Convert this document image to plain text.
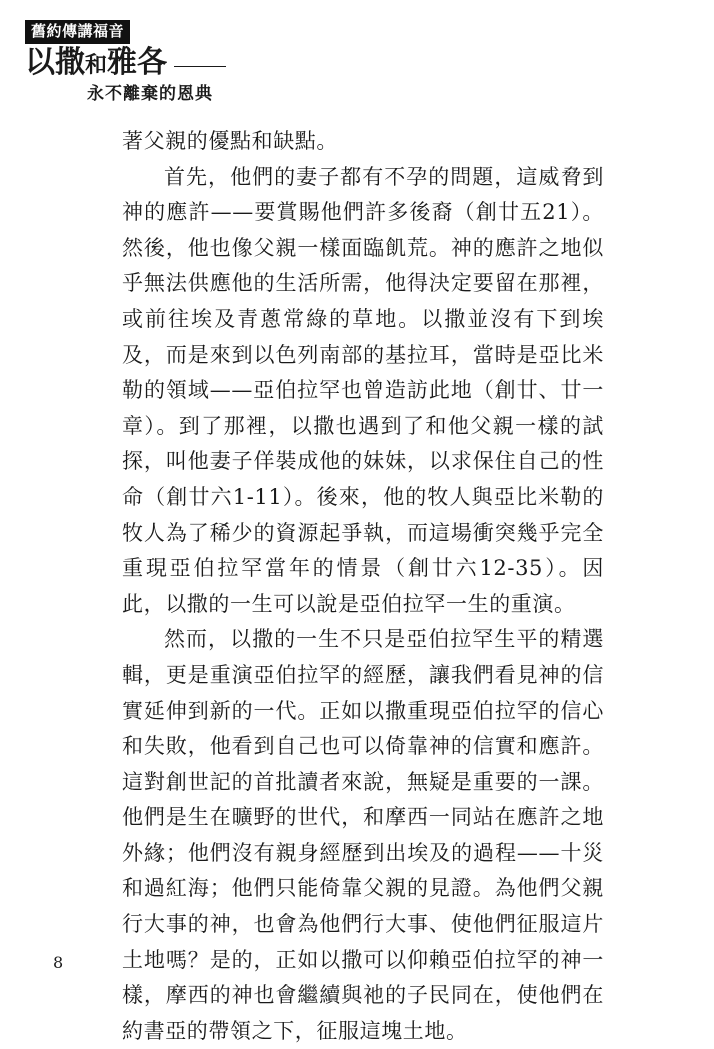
舊約傳講福音
以撒和雅各
永不離棄的恩典

著父親的優點和缺點。

首先，他們的妻子都有不孕的問題，這威脅到神的應許——要賞賜他們許多後裔（創廿五21）。然後，他也像父親一樣面臨飢荒。神的應許之地似乎無法供應他的生活所需，他得決定要留在那裡，或前往埃及青蔥常綠的草地。以撒並沒有下到埃及，而是來到以色列南部的基拉耳，當時是亞比米勒的領域——亞伯拉罕也曾造訪此地（創廿、廿一章）。到了那裡，以撒也遇到了和他父親一樣的試探，叫他妻子佯裝成他的妹妹，以求保住自己的性命（創廿六1-11）。後來，他的牧人與亞比米勒的牧人為了稀少的資源起爭執，而這場衝突幾乎完全重現亞伯拉罕當年的情景（創廿六12-35）。因此，以撒的一生可以說是亞伯拉罕一生的重演。

然而，以撒的一生不只是亞伯拉罕生平的精選輯，更是重演亞伯拉罕的經歷，讓我們看見神的信實延伸到新的一代。正如以撒重現亞伯拉罕的信心和失敗，他看到自己也可以倚靠神的信實和應許。這對創世記的首批讀者來說，無疑是重要的一課。他們是生在曠野的世代，和摩西一同站在應許之地外緣；他們沒有親身經歷到出埃及的過程——十災和過紅海；他們只能倚靠父親的見證。為他們父親行大事的神，也會為他們行大事、使他們征服這片土地嗎？是的，正如以撒可以仰賴亞伯拉罕的神一樣，摩西的神也會繼續與祂的子民同在，使他們在約書亞的帶領之下，征服這塊土地。

8
